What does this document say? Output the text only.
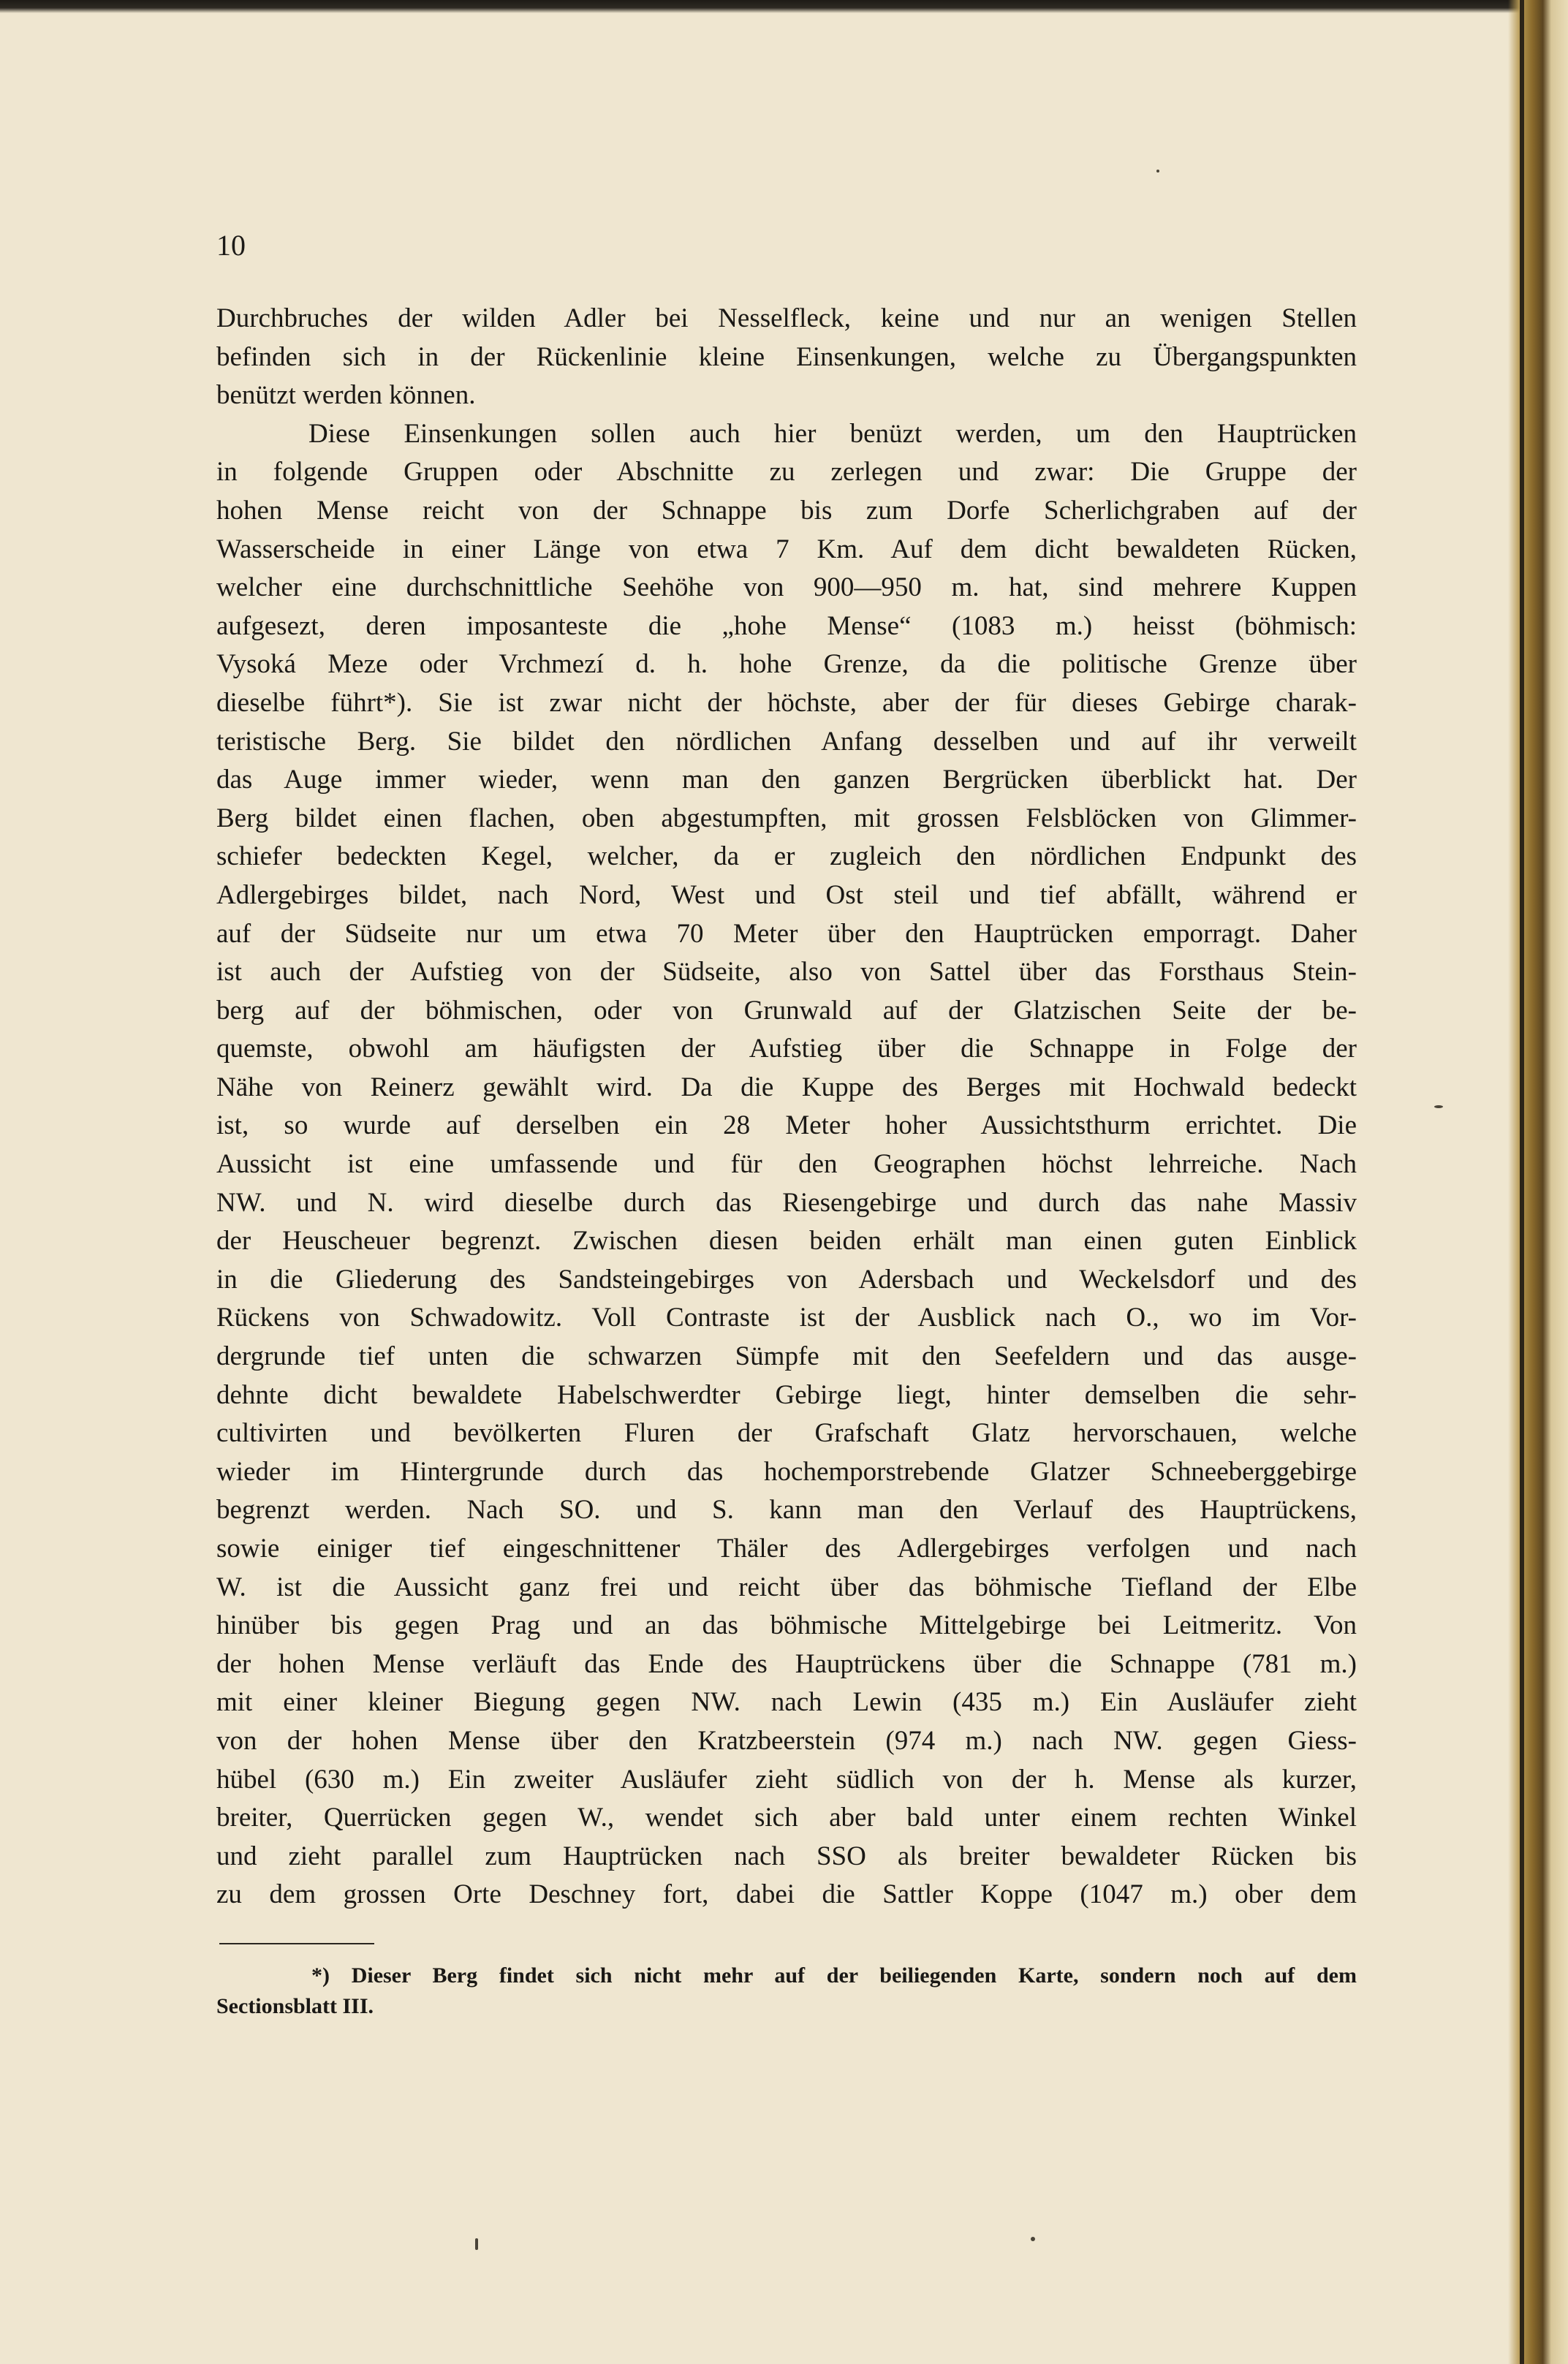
10
Durchbruches der wilden Adler bei Nesselfleck, keine und nur an wenigen Stellen
befinden sich in der Rückenlinie kleine Einsenkungen, welche zu Übergangspunkten
benützt werden können.
Diese Einsenkungen sollen auch hier benüzt werden, um den Hauptrücken
in folgende Gruppen oder Abschnitte zu zerlegen und zwar: Die Gruppe der
hohen Mense reicht von der Schnappe bis zum Dorfe Scherlichgraben auf der
Wasserscheide in einer Länge von etwa 7 Km. Auf dem dicht bewaldeten Rücken,
welcher eine durchschnittliche Seehöhe von 900—950 m. hat, sind mehrere Kuppen
aufgesezt, deren imposanteste die „hohe Mense“ (1083 m.) heisst (böhmisch:
Vysoká Meze oder Vrchmezí d. h. hohe Grenze, da die politische Grenze über
dieselbe führt*). Sie ist zwar nicht der höchste, aber der für dieses Gebirge charak-
teristische Berg. Sie bildet den nördlichen Anfang desselben und auf ihr verweilt
das Auge immer wieder, wenn man den ganzen Bergrücken überblickt hat. Der
Berg bildet einen flachen, oben abgestumpften, mit grossen Felsblöcken von Glimmer-
schiefer bedeckten Kegel, welcher, da er zugleich den nördlichen Endpunkt des
Adlergebirges bildet, nach Nord, West und Ost steil und tief abfällt, während er
auf der Südseite nur um etwa 70 Meter über den Hauptrücken emporragt. Daher
ist auch der Aufstieg von der Südseite, also von Sattel über das Forsthaus Stein-
berg auf der böhmischen, oder von Grunwald auf der Glatzischen Seite der be-
quemste, obwohl am häufigsten der Aufstieg über die Schnappe in Folge der
Nähe von Reinerz gewählt wird. Da die Kuppe des Berges mit Hochwald bedeckt
ist, so wurde auf derselben ein 28 Meter hoher Aussichtsthurm errichtet. Die
Aussicht ist eine umfassende und für den Geographen höchst lehrreiche. Nach
NW. und N. wird dieselbe durch das Riesengebirge und durch das nahe Massiv
der Heuscheuer begrenzt. Zwischen diesen beiden erhält man einen guten Einblick
in die Gliederung des Sandsteingebirges von Adersbach und Weckelsdorf und des
Rückens von Schwadowitz. Voll Contraste ist der Ausblick nach O., wo im Vor-
dergrunde tief unten die schwarzen Sümpfe mit den Seefeldern und das ausge-
dehnte dicht bewaldete Habelschwerdter Gebirge liegt, hinter demselben die sehr-
cultivirten und bevölkerten Fluren der Grafschaft Glatz hervorschauen, welche
wieder im Hintergrunde durch das hochemporstrebende Glatzer Schneeberggebirge
begrenzt werden. Nach SO. und S. kann man den Verlauf des Hauptrückens,
sowie einiger tief eingeschnittener Thäler des Adlergebirges verfolgen und nach
W. ist die Aussicht ganz frei und reicht über das böhmische Tiefland der Elbe
hinüber bis gegen Prag und an das böhmische Mittelgebirge bei Leitmeritz. Von
der hohen Mense verläuft das Ende des Hauptrückens über die Schnappe (781 m.)
mit einer kleiner Biegung gegen NW. nach Lewin (435 m.) Ein Ausläufer zieht
von der hohen Mense über den Kratzbeerstein (974 m.) nach NW. gegen Giess-
hübel (630 m.) Ein zweiter Ausläufer zieht südlich von der h. Mense als kurzer,
breiter, Querrücken gegen W., wendet sich aber bald unter einem rechten Winkel
und zieht parallel zum Hauptrücken nach SSO als breiter bewaldeter Rücken bis
zu dem grossen Orte Deschney fort, dabei die Sattler Koppe (1047 m.) ober dem
*) Dieser Berg findet sich nicht mehr auf der beiliegenden Karte, sondern noch auf dem
Sectionsblatt III.
